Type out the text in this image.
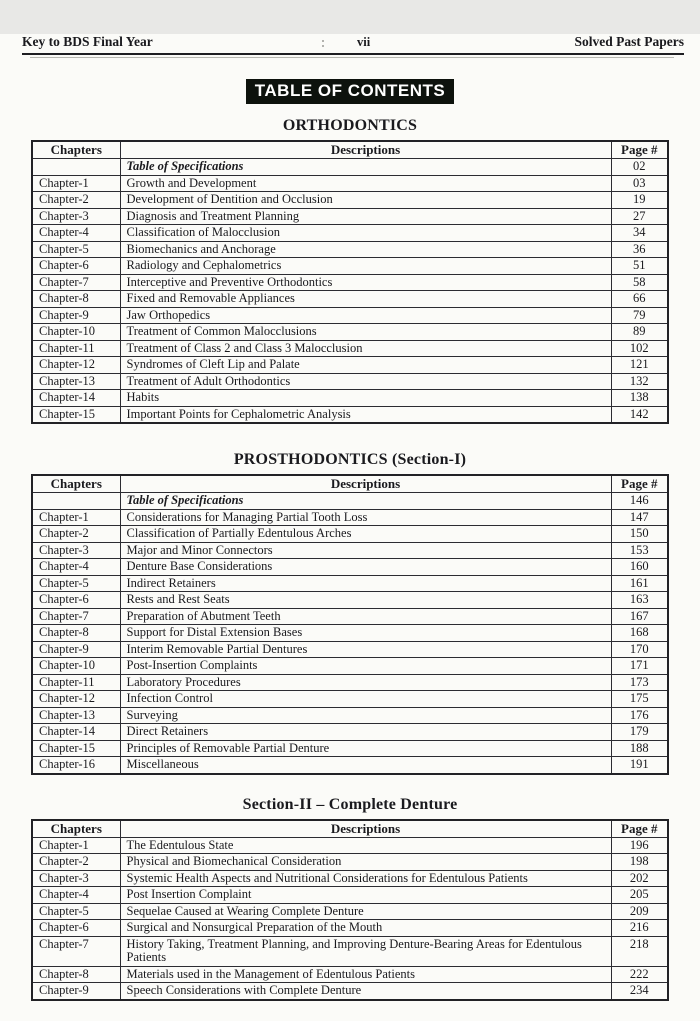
Key to BDS Final Year	vii	Solved Past Papers
TABLE OF CONTENTS
ORTHODONTICS
Chapters	Descriptions	Page #
	Table of Specifications	02
Chapter-1	Growth and Development	03
Chapter-2	Development of Dentition and Occlusion	19
Chapter-3	Diagnosis and Treatment Planning	27
Chapter-4	Classification of Malocclusion	34
Chapter-5	Biomechanics and Anchorage	36
Chapter-6	Radiology and Cephalometrics	51
Chapter-7	Interceptive and Preventive Orthodontics	58
Chapter-8	Fixed and Removable Appliances	66
Chapter-9	Jaw Orthopedics	79
Chapter-10	Treatment of Common Malocclusions	89
Chapter-11	Treatment of Class 2 and Class 3 Malocclusion	102
Chapter-12	Syndromes of Cleft Lip and Palate	121
Chapter-13	Treatment of Adult Orthodontics	132
Chapter-14	Habits	138
Chapter-15	Important Points for Cephalometric Analysis	142
PROSTHODONTICS (Section-I)
Chapters	Descriptions	Page #
	Table of Specifications	146
Chapter-1	Considerations for Managing Partial Tooth Loss	147
Chapter-2	Classification of Partially Edentulous Arches	150
Chapter-3	Major and Minor Connectors	153
Chapter-4	Denture Base Considerations	160
Chapter-5	Indirect Retainers	161
Chapter-6	Rests and Rest Seats	163
Chapter-7	Preparation of Abutment Teeth	167
Chapter-8	Support for Distal Extension Bases	168
Chapter-9	Interim Removable Partial Dentures	170
Chapter-10	Post-Insertion Complaints	171
Chapter-11	Laboratory Procedures	173
Chapter-12	Infection Control	175
Chapter-13	Surveying	176
Chapter-14	Direct Retainers	179
Chapter-15	Principles of Removable Partial Denture	188
Chapter-16	Miscellaneous	191
Section-II – Complete Denture
Chapters	Descriptions	Page #
Chapter-1	The Edentulous State	196
Chapter-2	Physical and Biomechanical Consideration	198
Chapter-3	Systemic Health Aspects and Nutritional Considerations for Edentulous Patients	202
Chapter-4	Post Insertion Complaint	205
Chapter-5	Sequelae Caused at Wearing Complete Denture	209
Chapter-6	Surgical and Nonsurgical Preparation of the Mouth	216
Chapter-7	History Taking, Treatment Planning, and Improving Denture-Bearing Areas for Edentulous Patients	218
Chapter-8	Materials used in the Management of Edentulous Patients	222
Chapter-9	Speech Considerations with Complete Denture	234
